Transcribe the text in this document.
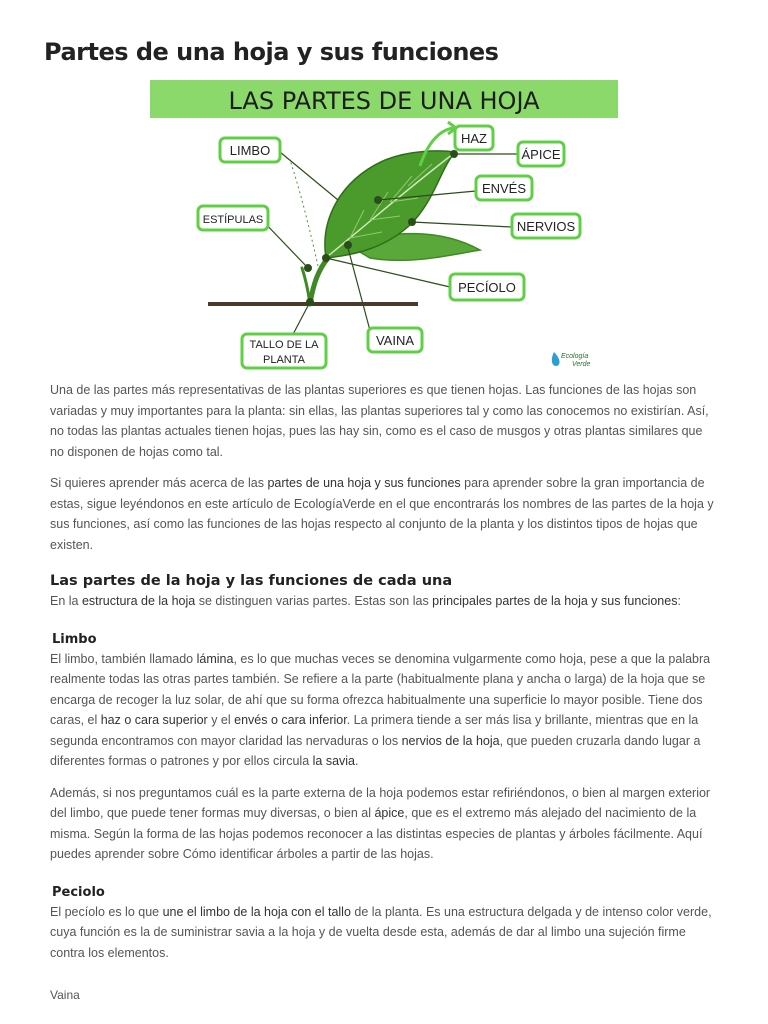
Partes de una hoja y sus funciones
LAS PARTES DE UNA HOJA
LIMBO
HAZ
ÁPICE
ENVÉS
ESTÍPULAS	NERVIOS
PECÍOLO
VAINA
TALLO DE LA
PLANTA	Ecología
Verde

Una de las partes más representativas de las plantas superiores es que tienen hojas. Las funciones de las hojas son variadas y muy importantes para la planta: sin ellas, las plantas superiores tal y como las conocemos no existirían. Así, no todas las plantas actuales tienen hojas, pues las hay sin, como es el caso de musgos y otras plantas similares que no disponen de hojas como tal.

Si quieres aprender más acerca de las partes de una hoja y sus funciones para aprender sobre la gran importancia de estas, sigue leyéndonos en este artículo de EcologíaVerde en el que encontrarás los nombres de las partes de la hoja y sus funciones, así como las funciones de las hojas respecto al conjunto de la planta y los distintos tipos de hojas que existen.

Las partes de la hoja y las funciones de cada una

En la estructura de la hoja se distinguen varias partes. Estas son las principales partes de la hoja y sus funciones:

Limbo

El limbo, también llamado lámina, es lo que muchas veces se denomina vulgarmente como hoja, pese a que la palabra realmente todas las otras partes también. Se refiere a la parte (habitualmente plana y ancha o larga) de la hoja que se encarga de recoger la luz solar, de ahí que su forma ofrezca habitualmente una superficie lo mayor posible. Tiene dos caras, el haz o cara superior y el envés o cara inferior. La primera tiende a ser más lisa y brillante, mientras que en la segunda encontramos con mayor claridad las nervaduras o los nervios de la hoja, que pueden cruzarla dando lugar a diferentes formas o patrones y por ellos circula la savia.

Además, si nos preguntamos cuál es la parte externa de la hoja podemos estar refiriéndonos, o bien al margen exterior del limbo, que puede tener formas muy diversas, o bien al ápice, que es el extremo más alejado del nacimiento de la misma. Según la forma de las hojas podemos reconocer a las distintas especies de plantas y árboles fácilmente. Aquí puedes aprender sobre Cómo identificar árboles a partir de las hojas.

Peciolo

El pecíolo es lo que une el limbo de la hoja con el tallo de la planta. Es una estructura delgada y de intenso color verde, cuya función es la de suministrar savia a la hoja y de vuelta desde esta, además de dar al limbo una sujeción firme contra los elementos.

Vaina
